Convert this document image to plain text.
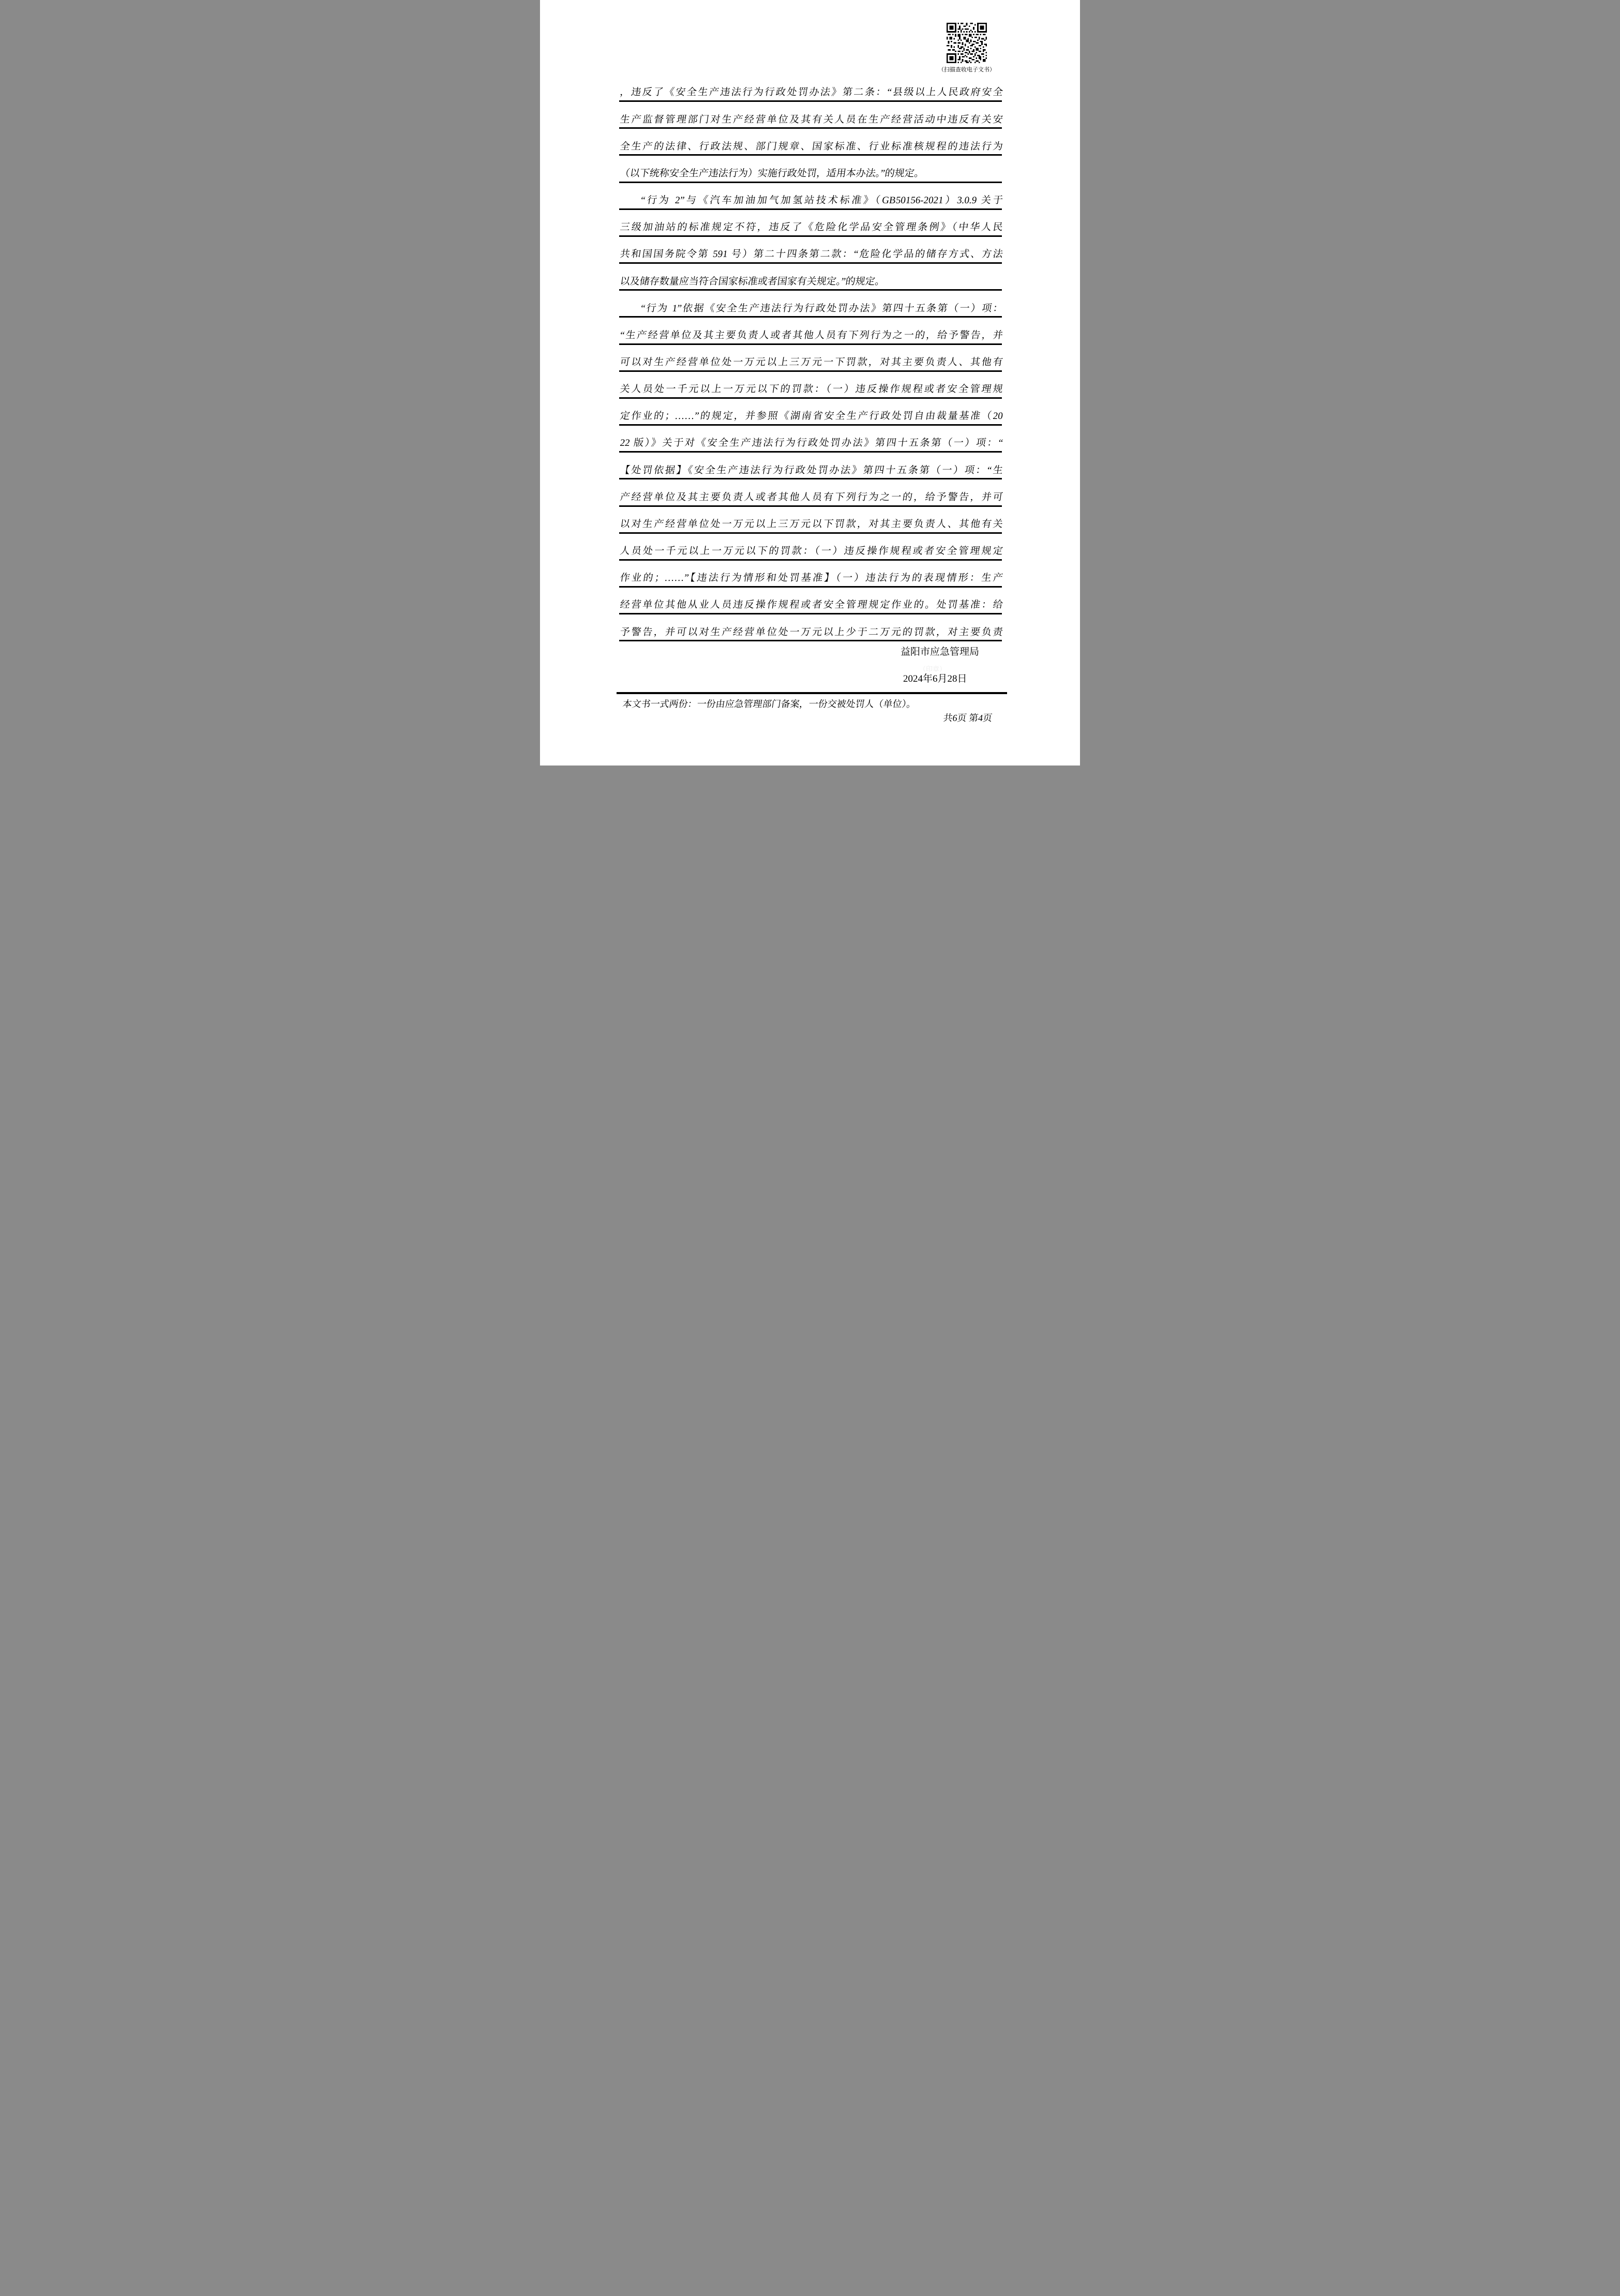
（扫描查收电子文书）
，违反了《安全生产违法行为行政处罚办法》第二条：“县级以上人民政府安全
生产监督管理部门对生产经营单位及其有关人员在生产经营活动中违反有关安
全生产的法律、行政法规、部门规章、国家标准、行业标准核规程的违法行为
（以下统称安全生产违法行为）实施行政处罚，适用本办法。”的规定。
“行为 2”与《汽车加油加气加氢站技术标准》（GB50156-2021）3.0.9 关于
三级加油站的标准规定不符，违反了《危险化学品安全管理条例》（中华人民
共和国国务院令第 591 号）第二十四条第二款：“危险化学品的储存方式、方法
以及储存数量应当符合国家标准或者国家有关规定。”的规定。
“行为 1”依据《安全生产违法行为行政处罚办法》第四十五条第（一）项：
“生产经营单位及其主要负责人或者其他人员有下列行为之一的，给予警告，并
可以对生产经营单位处一万元以上三万元一下罚款，对其主要负责人、其他有
关人员处一千元以上一万元以下的罚款：（一）违反操作规程或者安全管理规
定作业的；……”的规定，并参照《湖南省安全生产行政处罚自由裁量基准（20
22 版）》关于对《安全生产违法行为行政处罚办法》第四十五条第（一）项：“
【处罚依据】《安全生产违法行为行政处罚办法》第四十五条第（一）项：“生
产经营单位及其主要负责人或者其他人员有下列行为之一的，给予警告，并可
以对生产经营单位处一万元以上三万元以下罚款，对其主要负责人、其他有关
人员处一千元以上一万元以下的罚款：（一）违反操作规程或者安全管理规定
作业的；……”【违法行为情形和处罚基准】（一）违法行为的表现情形：生产
经营单位其他从业人员违反操作规程或者安全管理规定作业的。处罚基准：给
予警告，并可以对生产经营单位处一万元以上少于二万元的罚款，对主要负责
益阳市应急管理局
（印章）
2024年6月28日
本文书一式两份：一份由应急管理部门备案，一份交被处罚人（单位）。
共6页 第4页
